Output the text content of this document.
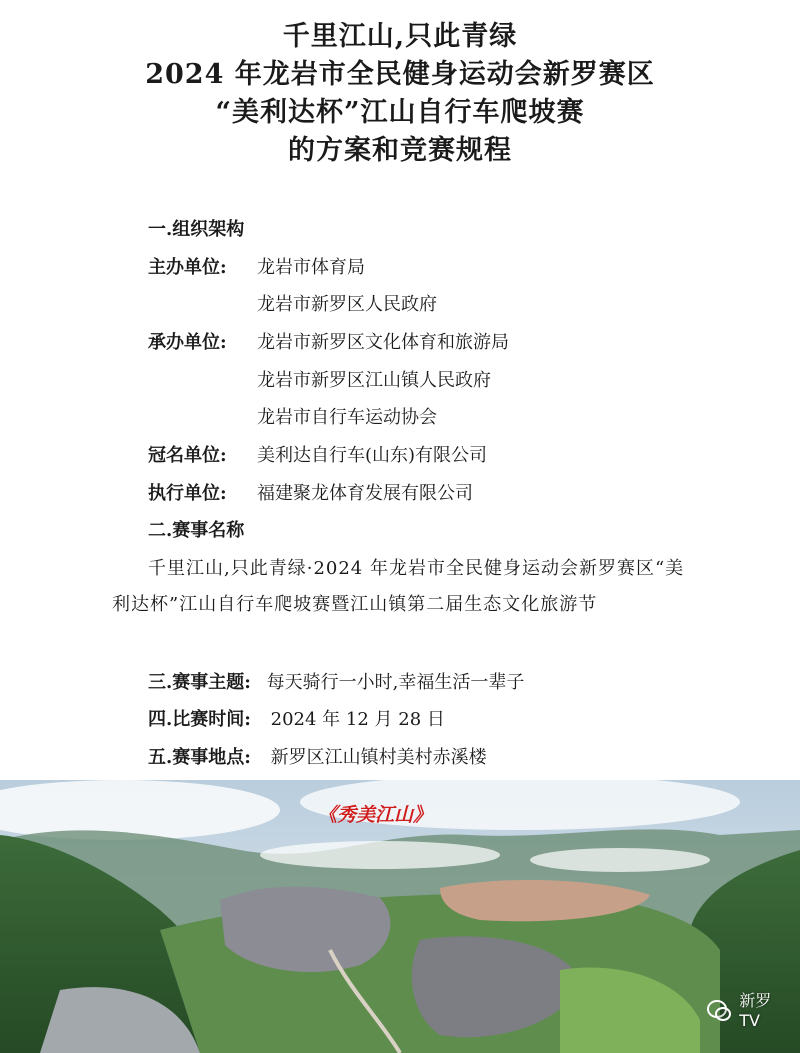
千里江山,只此青绿
2024 年龙岩市全民健身运动会新罗赛区
“美利达杯”江山自行车爬坡赛
的方案和竞赛规程
一.组织架构
主办单位: 龙岩市体育局
龙岩市新罗区人民政府
承办单位: 龙岩市新罗区文化体育和旅游局
龙岩市新罗区江山镇人民政府
龙岩市自行车运动协会
冠名单位: 美利达自行车(山东)有限公司
执行单位: 福建聚龙体育发展有限公司
二.赛事名称
千里江山,只此青绿·2024 年龙岩市全民健身运动会新罗赛区“美利达杯”江山自行车爬坡赛暨江山镇第二届生态文化旅游节
三.赛事主题: 每天骑行一小时,幸福生活一辈子
四.比赛时间: 2024 年 12 月 28 日
五.赛事地点: 新罗区江山镇村美村赤溪楼
《秀美江山》
新罗TV
